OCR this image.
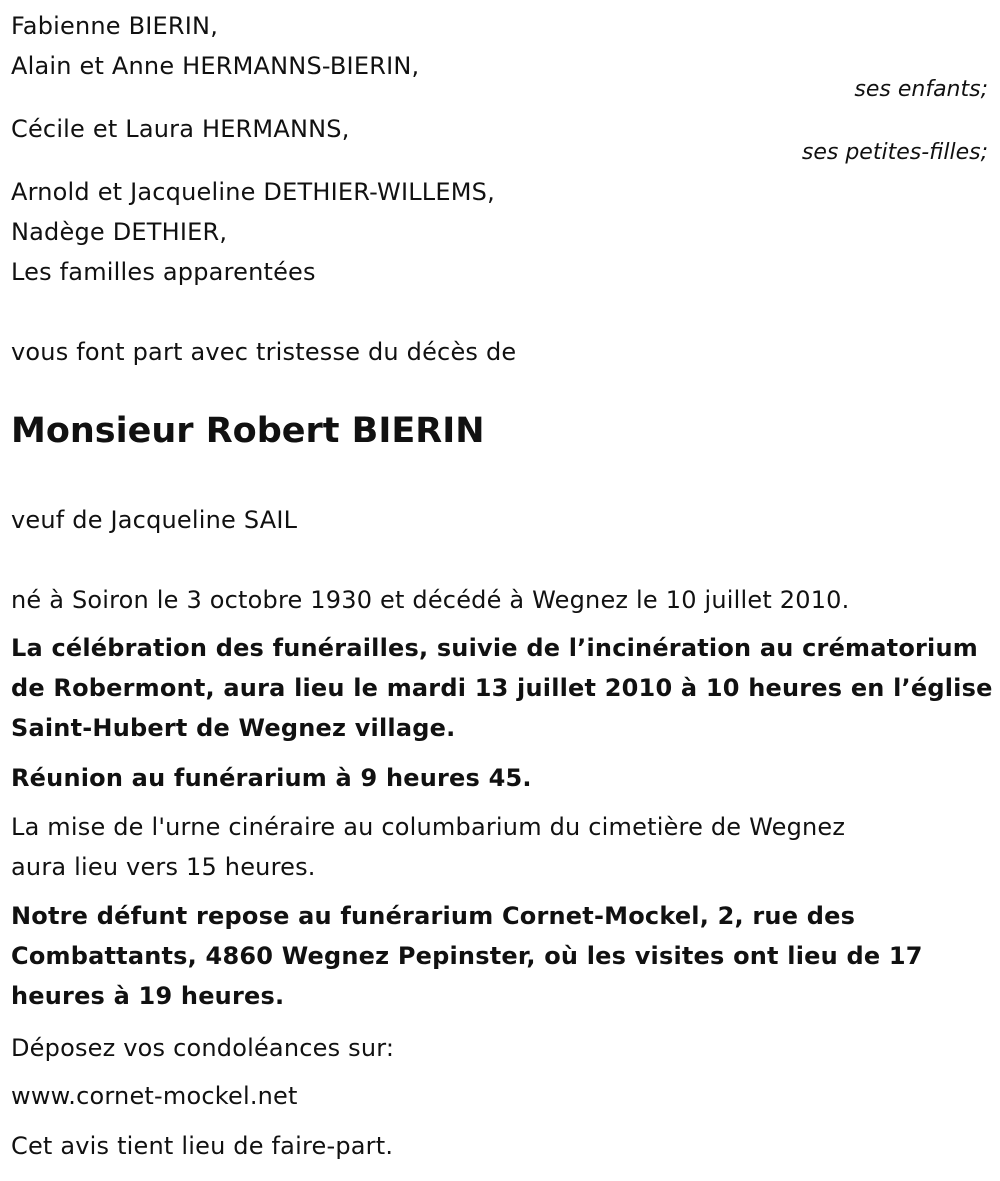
Fabienne BIERIN,
Alain et Anne HERMANNS-BIERIN,
ses enfants;
Cécile et Laura HERMANNS,
ses petites-filles;
Arnold et Jacqueline DETHIER-WILLEMS,
Nadège DETHIER,
Les familles apparentées
vous font part avec tristesse du décès de
Monsieur Robert BIERIN
veuf de Jacqueline SAIL
né à Soiron le 3 octobre 1930 et décédé à Wegnez le 10 juillet 2010.
La célébration des funérailles, suivie de l’incinération au crématorium
de Robermont, aura lieu le mardi 13 juillet 2010 à 10 heures en l’église
Saint-Hubert de Wegnez village.
Réunion au funérarium à 9 heures 45.
La mise de l'urne cinéraire au columbarium du cimetière de Wegnez
aura lieu vers 15 heures.
Notre défunt repose au funérarium Cornet-Mockel, 2, rue des
Combattants, 4860 Wegnez Pepinster, où les visites ont lieu de 17
heures à 19 heures.
Déposez vos condoléances sur:
www.cornet-mockel.net
Cet avis tient lieu de faire-part.
